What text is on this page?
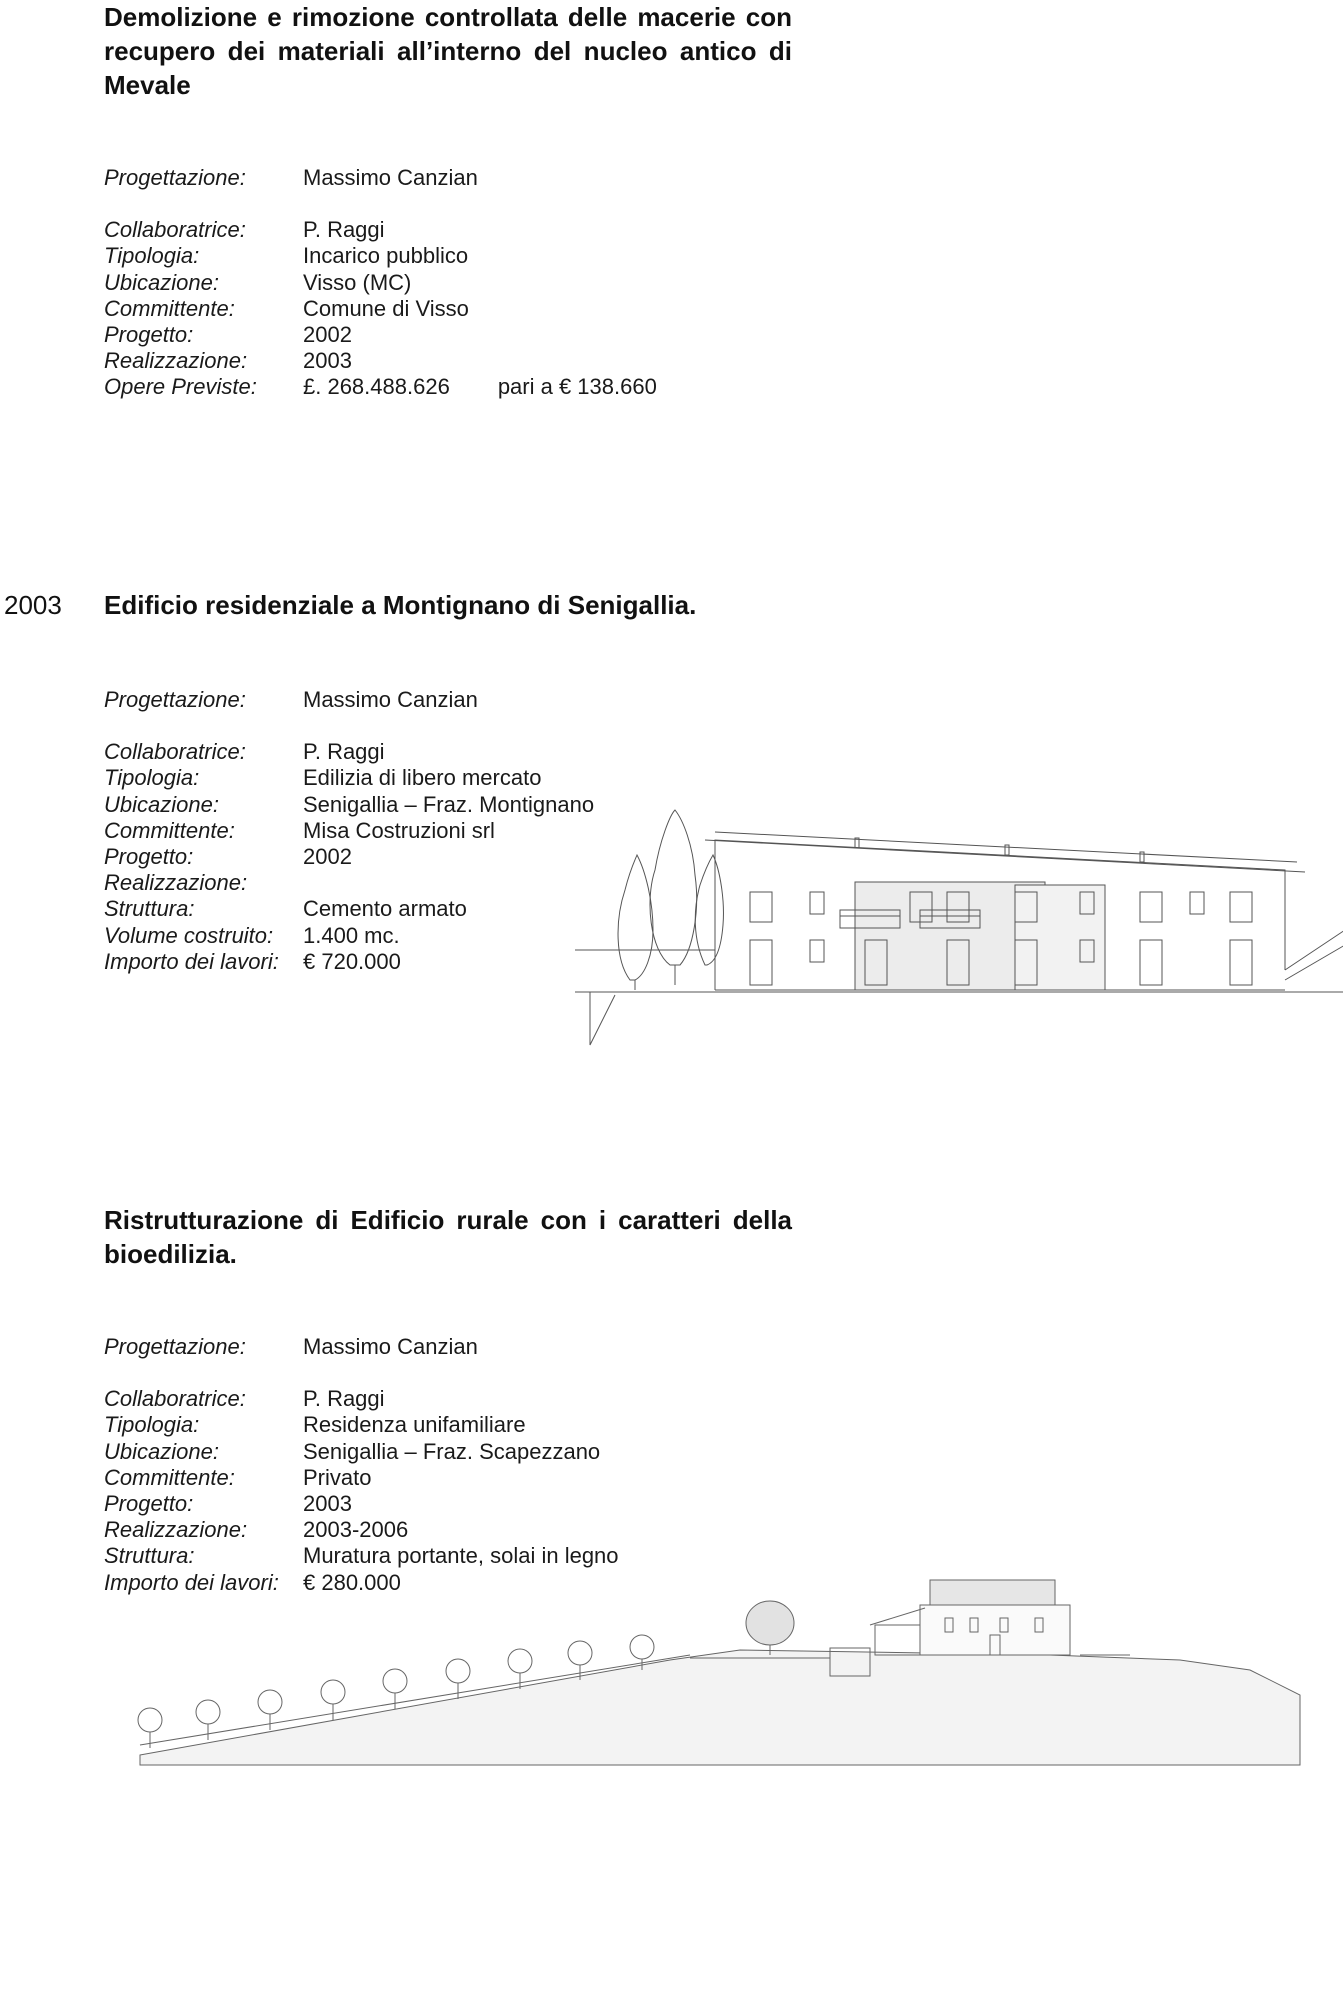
Demolizione e rimozione controllata delle macerie con recupero dei materiali all’interno del nucleo antico di Mevale
Progettazione:	Massimo Canzian
Collaboratrice:	P. Raggi
Tipologia:	Incarico pubblico
Ubicazione:	Visso (MC)
Committente:	Comune di Visso
Progetto:	2002
Realizzazione:	2003
Opere Previste:	£. 268.488.626 pari a € 138.660
2003 Edificio residenziale a Montignano di Senigallia.
Progettazione:	Massimo Canzian
Collaboratrice:	P. Raggi
Tipologia:	Edilizia di libero mercato
Ubicazione:	Senigallia – Fraz. Montignano
Committente:	Misa Costruzioni srl
Progetto:	2002
Realizzazione:
Struttura:	Cemento armato
Volume costruito:	1.400 mc.
Importo dei lavori:	€ 720.000
Ristrutturazione di Edificio rurale con i caratteri della bioedilizia.
Progettazione:	Massimo Canzian
Collaboratrice:	P. Raggi
Tipologia:	Residenza unifamiliare
Ubicazione:	Senigallia – Fraz. Scapezzano
Committente:	Privato
Progetto:	2003
Realizzazione:	2003-2006
Struttura:	Muratura portante, solai in legno
Importo dei lavori:	€ 280.000
